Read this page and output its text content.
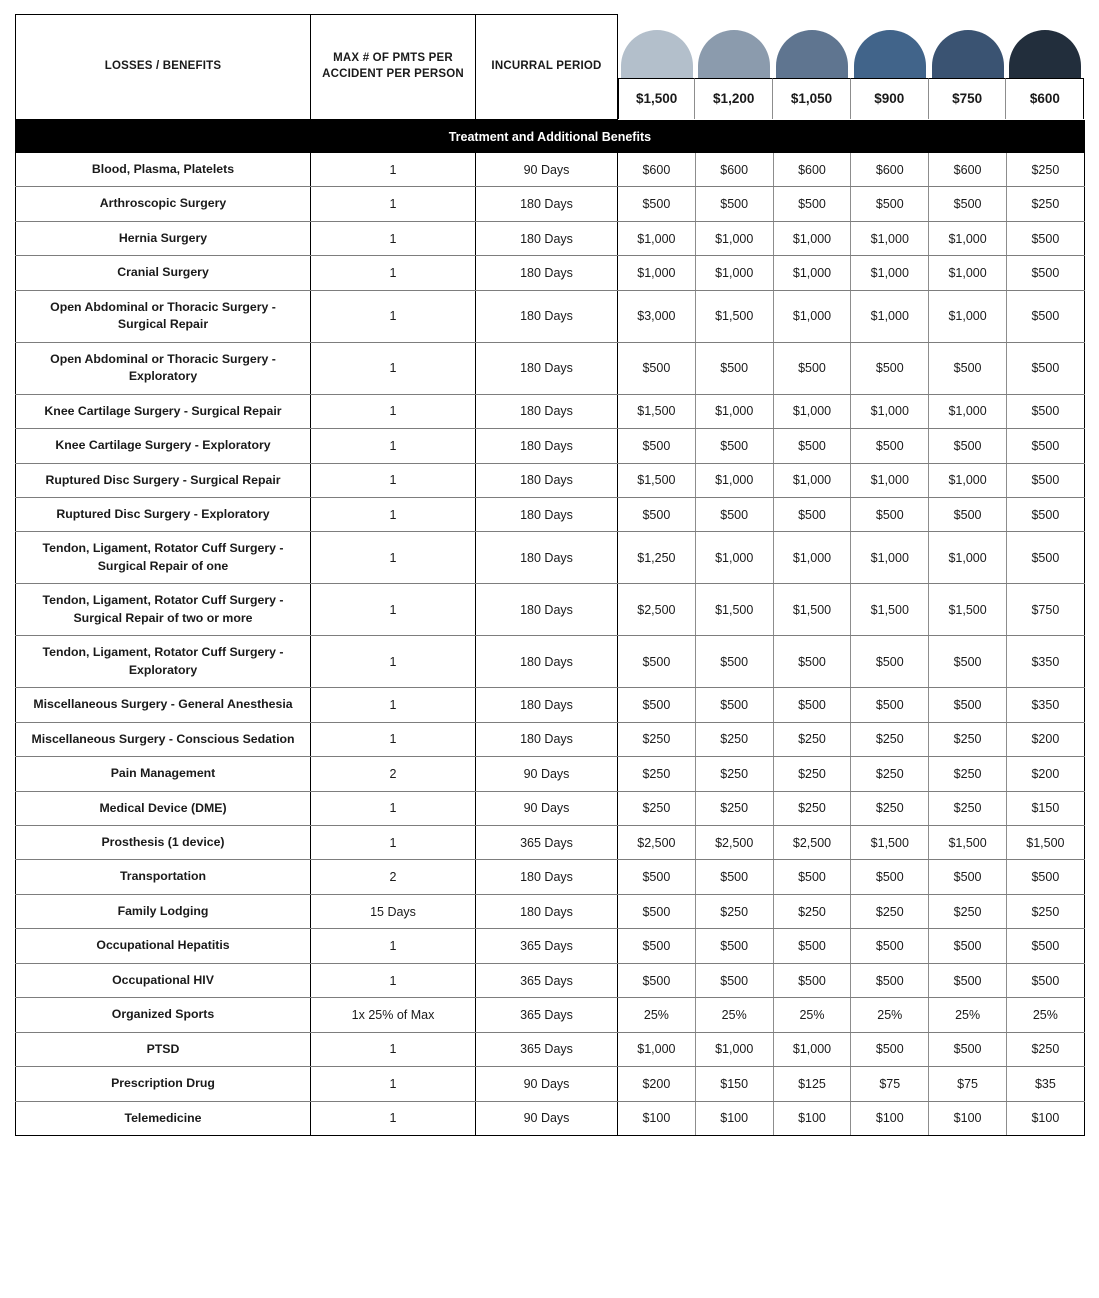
LOSSES / BENEFITS	MAX # OF PMTS PER ACCIDENT PER PERSON	INCURRAL PERIOD	$1,500	$1,200	$1,050	$900	$750	$600

Treatment and Additional Benefits								
Blood, Plasma, Platelets	1	90 Days	$600	$600	$600	$600	$600	$250
Arthroscopic Surgery	1	180 Days	$500	$500	$500	$500	$500	$250
Hernia Surgery	1	180 Days	$1,000	$1,000	$1,000	$1,000	$1,000	$500
Cranial Surgery	1	180 Days	$1,000	$1,000	$1,000	$1,000	$1,000	$500
Open Abdominal or Thoracic Surgery - Surgical Repair	1	180 Days	$3,000	$1,500	$1,000	$1,000	$1,000	$500
Open Abdominal or Thoracic Surgery - Exploratory	1	180 Days	$500	$500	$500	$500	$500	$500
Knee Cartilage Surgery - Surgical Repair	1	180 Days	$1,500	$1,000	$1,000	$1,000	$1,000	$500
Knee Cartilage Surgery - Exploratory	1	180 Days	$500	$500	$500	$500	$500	$500
Ruptured Disc Surgery - Surgical Repair	1	180 Days	$1,500	$1,000	$1,000	$1,000	$1,000	$500
Ruptured Disc Surgery - Exploratory	1	180 Days	$500	$500	$500	$500	$500	$500
Tendon, Ligament, Rotator Cuff Surgery - Surgical Repair of one	1	180 Days	$1,250	$1,000	$1,000	$1,000	$1,000	$500
Tendon, Ligament, Rotator Cuff Surgery - Surgical Repair of two or more	1	180 Days	$2,500	$1,500	$1,500	$1,500	$1,500	$750
Tendon, Ligament, Rotator Cuff Surgery - Exploratory	1	180 Days	$500	$500	$500	$500	$500	$350
Miscellaneous Surgery - General Anesthesia	1	180 Days	$500	$500	$500	$500	$500	$350
Miscellaneous Surgery - Conscious Sedation	1	180 Days	$250	$250	$250	$250	$250	$200
Pain Management	2	90 Days	$250	$250	$250	$250	$250	$200
Medical Device (DME)	1	90 Days	$250	$250	$250	$250	$250	$150
Prosthesis (1 device)	1	365 Days	$2,500	$2,500	$2,500	$1,500	$1,500	$1,500
Transportation	2	180 Days	$500	$500	$500	$500	$500	$500
Family Lodging	15 Days	180 Days	$500	$250	$250	$250	$250	$250
Occupational Hepatitis	1	365 Days	$500	$500	$500	$500	$500	$500
Occupational HIV	1	365 Days	$500	$500	$500	$500	$500	$500
Organized Sports	1x 25% of Max	365 Days	25%	25%	25%	25%	25%	25%
PTSD	1	365 Days	$1,000	$1,000	$1,000	$500	$500	$250
Prescription Drug	1	90 Days	$200	$150	$125	$75	$75	$35
Telemedicine	1	90 Days	$100	$100	$100	$100	$100	$100
